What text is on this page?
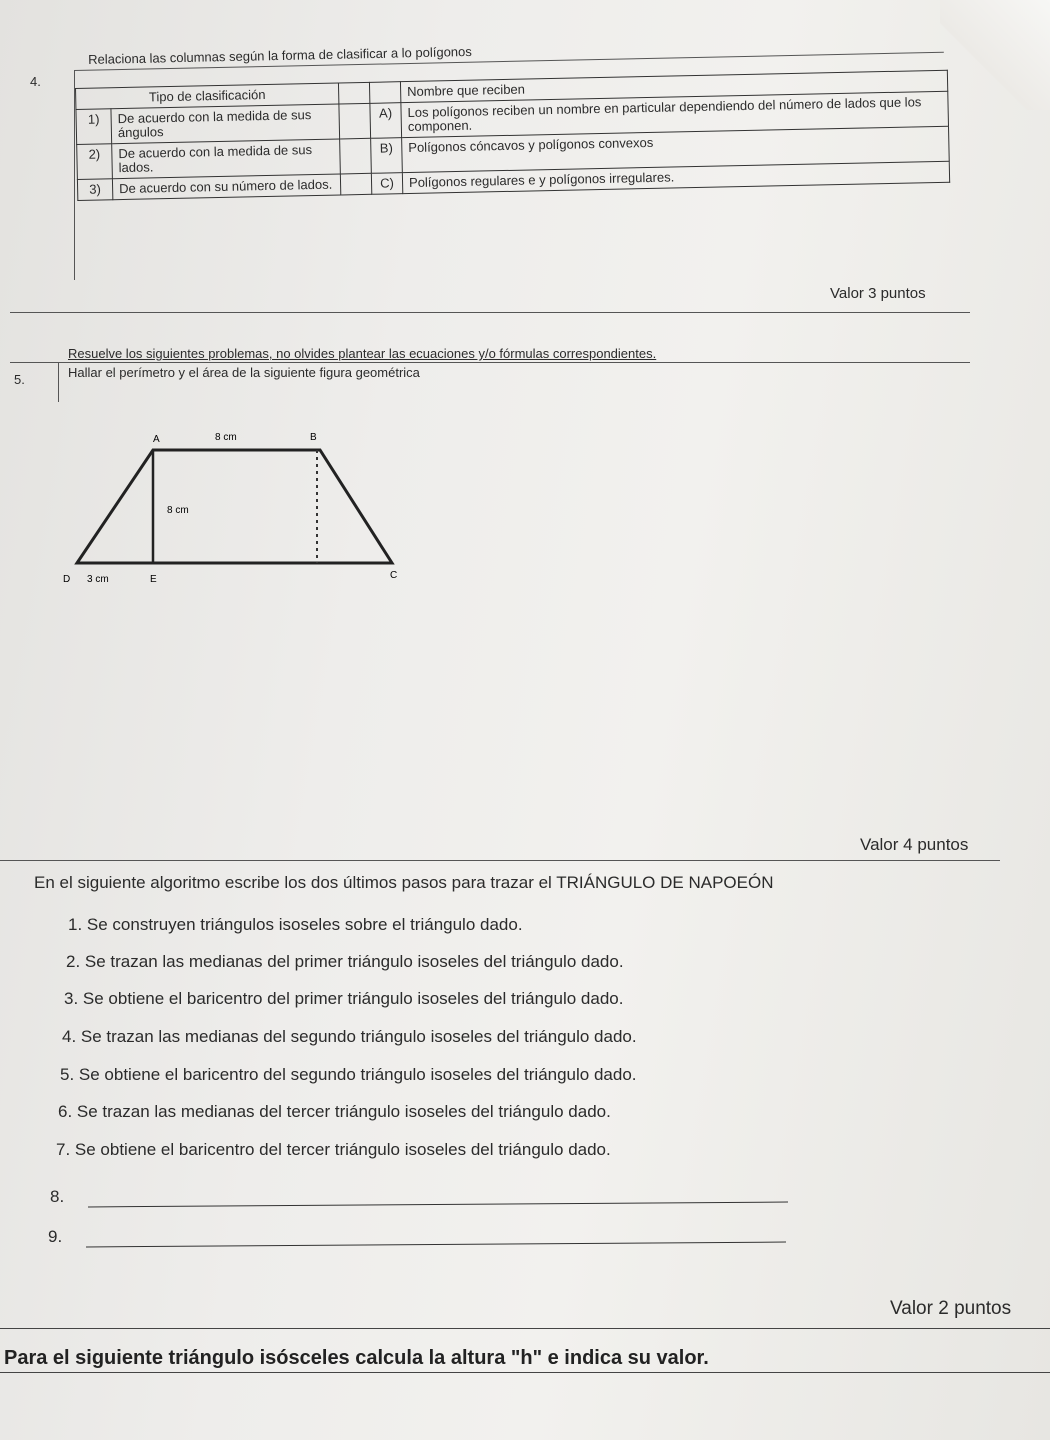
4.
Relaciona las columnas según la forma de clasificar a lo polígonos
Tipo de clasificación				Nombre que reciben
1)	De acuerdo con la medida de sus ángulos		A)	Los polígonos reciben un nombre en particular dependiendo del número de lados que los componen.
2)	De acuerdo con la medida de sus lados.		B)	Polígonos cóncavos y polígonos convexos
3)	De acuerdo con su número de lados.		C)	Polígonos regulares e y polígonos irregulares.
Valor 3 puntos
Resuelve los siguientes problemas, no olvides plantear las ecuaciones y/o fórmulas correspondientes.
5.	Hallar el perímetro y el área de la siguiente figura geométrica
A	B
C
D	E
8 cm
8 cm
3 cm
Valor 4 puntos
En el siguiente algoritmo escribe los dos últimos pasos para trazar el TRIÁNGULO DE NAPOEÓN
1. Se construyen triángulos isoseles sobre el triángulo dado.
2. Se trazan las medianas del primer triángulo isoseles del triángulo dado.
3. Se obtiene el baricentro del primer triángulo isoseles del triángulo dado.
4. Se trazan las medianas del segundo triángulo isoseles del triángulo dado.
5. Se obtiene el baricentro del segundo triángulo isoseles del triángulo dado.
6. Se trazan las medianas del tercer triángulo isoseles del triángulo dado.
7. Se obtiene el baricentro del tercer triángulo isoseles del triángulo dado.
8.
9.
Valor 2 puntos
Para el siguiente triángulo isósceles calcula la altura "h" e indica su valor.
